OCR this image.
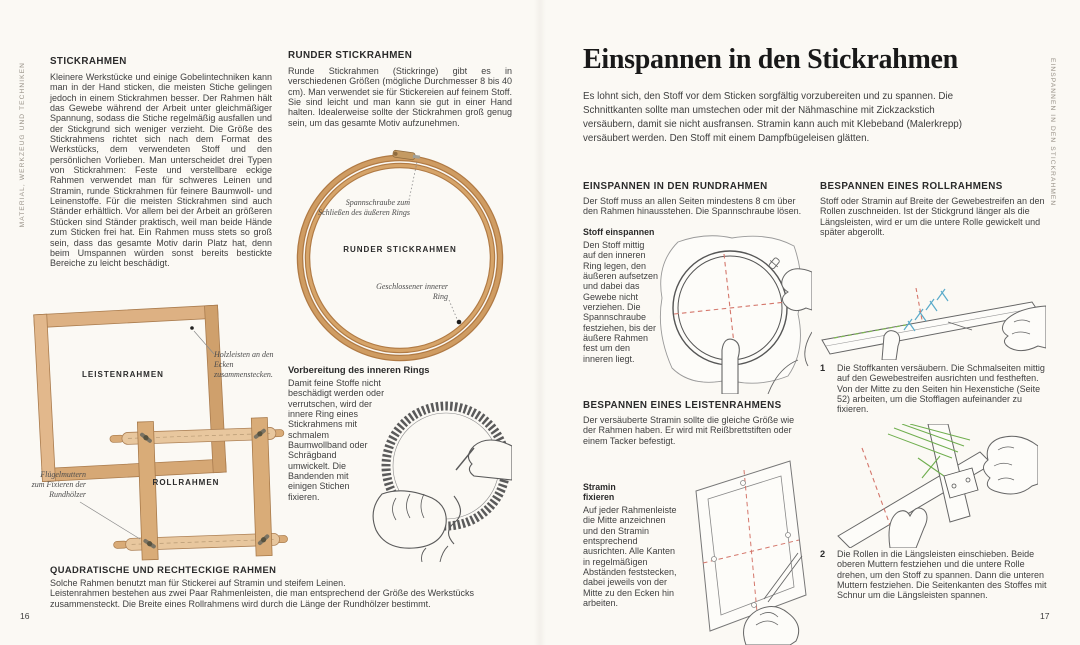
MATERIAL, WERKZEUG UND TECHNIKEN	EINSPANNEN IN DEN STICKRAHMEN
STICKRAHMEN
Kleinere Werkstücke und einige Gobelintechniken kann man in der Hand sticken, die meisten Stiche gelingen jedoch in einem Stickrahmen besser. Der Rahmen hält das Gewebe während der Arbeit unter gleichmäßiger Spannung, sodass die Stiche regelmäßig ausfallen und der Stickgrund sich weniger verzieht. Die Größe des Stickrahmens richtet sich nach dem Format des Werkstücks, dem verwendeten Stoff und den persönlichen Vorlieben. Man unterscheidet drei Typen von Stickrahmen: Feste und verstellbare eckige Rahmen verwendet man für schweres Leinen und Stramin, runde Stickrahmen für feinere Baumwoll- und Leinenstoffe. Für die meisten Stickrahmen sind auch Ständer erhältlich. Vor allem bei der Arbeit an größeren Stücken sind Ständer praktisch, weil man beide Hände zum Sticken frei hat. Ein Rahmen muss stets so groß sein, dass das gesamte Motiv darin Platz hat, denn beim Umspannen würden sonst bereits bestickte Bereiche zu leicht beschädigt.
RUNDER STICKRAHMEN
Runde Stickrahmen (Stickringe) gibt es in verschiedenen Größen (mögliche Durchmesser 8 bis 40 cm). Man verwendet sie für Stickereien auf feinem Stoff. Sie sind leicht und man kann sie gut in einer Hand halten. Idealerweise sollte der Stickrahmen groß genug sein, um das gesamte Motiv aufzunehmen.
Spannschraube zum Schließen des äußeren Rings
RUNDER STICKRAHMEN
Geschlossener innerer Ring
Vorbereitung des inneren Rings
Damit feine Stoffe nicht beschädigt werden oder verrutschen, wird der innere Ring eines Stickrahmens mit schmalem Baumwollband oder Schrägband umwickelt. Die Bandenden mit einigen Stichen fixieren.
LEISTENRAHMEN
ROLLRAHMEN
Holzleisten an den Ecken zusammenstecken.
Flügelmuttern zum Fixieren der Rundhölzer
QUADRATISCHE UND RECHTECKIGE RAHMEN
Solche Rahmen benutzt man für Stickerei auf Stramin und steifem Leinen.
Leistenrahmen bestehen aus zwei Paar Rahmenleisten, die man entsprechend der Größe des Werkstücks zusammensteckt. Die Breite eines Rollrahmens wird durch die Länge der Rundhölzer bestimmt.
16
Einspannen in den Stickrahmen
Es lohnt sich, den Stoff vor dem Sticken sorgfältig vorzubereiten und zu spannen. Die Schnittkanten sollte man umstechen oder mit der Nähmaschine mit Zickzackstich versäubern, damit sie nicht ausfransen. Stramin kann auch mit Klebeband (Malerkrepp) versäubert werden. Den Stoff mit einem Dampfbügeleisen glätten.
EINSPANNEN IN DEN RUNDRAHMEN
Der Stoff muss an allen Seiten mindestens 8 cm über den Rahmen hinausstehen. Die Spannschraube lösen.
Stoff einspannen
Den Stoff mittig auf den inneren Ring legen, den äußeren aufsetzen und dabei das Gewebe nicht verziehen. Die Spannschraube festziehen, bis der äußere Rahmen fest um den inneren liegt.
BESPANNEN EINES LEISTENRAHMENS
Der versäuberte Stramin sollte die gleiche Größe wie der Rahmen haben. Er wird mit Reißbrettstiften oder einem Tacker befestigt.
Stramin fixieren
Auf jeder Rahmenleiste die Mitte anzeichnen und den Stramin entsprechend ausrichten. Alle Kanten in regelmäßigen Abständen feststecken, dabei jeweils von der Mitte zu den Ecken hin arbeiten.
BESPANNEN EINES ROLLRAHMENS
Stoff oder Stramin auf Breite der Gewebestreifen an den Rollen zuschneiden. Ist der Stickgrund länger als die Längsleisten, wird er um die untere Rolle gewickelt und später abgerollt.
1	Die Stoffkanten versäubern. Die Schmalseiten mittig auf den Gewebestreifen ausrichten und festheften. Von der Mitte zu den Seiten hin Hexenstiche (Seite 52) arbeiten, um die Stofflagen aufeinander zu fixieren.
2	Die Rollen in die Längsleisten einschieben. Beide oberen Muttern festziehen und die untere Rolle drehen, um den Stoff zu spannen. Dann die unteren Muttern festziehen. Die Seitenkanten des Stoffes mit Schnur um die Längsleisten spannen.
17
